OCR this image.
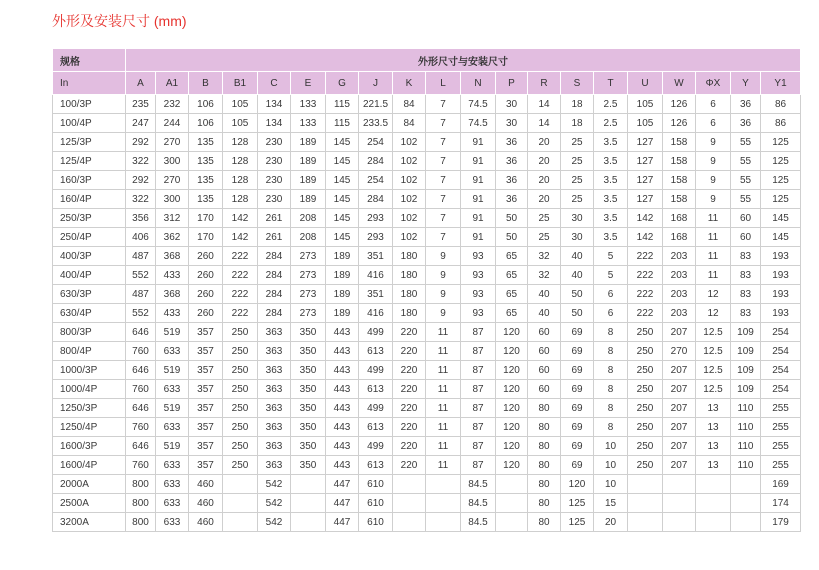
外形及安装尺寸 (mm)
规格	外形尺寸与安装尺寸																			
In	A	A1	B	B1	C	E	G	J	K	L	N	P	R	S	T	U	W	ΦX	Y	Y1
100/3P	235	232	106	105	134	133	115	221.5	84	7	74.5	30	14	18	2.5	105	126	6	36	86
100/4P	247	244	106	105	134	133	115	233.5	84	7	74.5	30	14	18	2.5	105	126	6	36	86
125/3P	292	270	135	128	230	189	145	254	102	7	91	36	20	25	3.5	127	158	9	55	125
125/4P	322	300	135	128	230	189	145	284	102	7	91	36	20	25	3.5	127	158	9	55	125
160/3P	292	270	135	128	230	189	145	254	102	7	91	36	20	25	3.5	127	158	9	55	125
160/4P	322	300	135	128	230	189	145	284	102	7	91	36	20	25	3.5	127	158	9	55	125
250/3P	356	312	170	142	261	208	145	293	102	7	91	50	25	30	3.5	142	168	11	60	145
250/4P	406	362	170	142	261	208	145	293	102	7	91	50	25	30	3.5	142	168	11	60	145
400/3P	487	368	260	222	284	273	189	351	180	9	93	65	32	40	5	222	203	11	83	193
400/4P	552	433	260	222	284	273	189	416	180	9	93	65	32	40	5	222	203	11	83	193
630/3P	487	368	260	222	284	273	189	351	180	9	93	65	40	50	6	222	203	12	83	193
630/4P	552	433	260	222	284	273	189	416	180	9	93	65	40	50	6	222	203	12	83	193
800/3P	646	519	357	250	363	350	443	499	220	11	87	120	60	69	8	250	207	12.5	109	254
800/4P	760	633	357	250	363	350	443	613	220	11	87	120	60	69	8	250	270	12.5	109	254
1000/3P	646	519	357	250	363	350	443	499	220	11	87	120	60	69	8	250	207	12.5	109	254
1000/4P	760	633	357	250	363	350	443	613	220	11	87	120	60	69	8	250	207	12.5	109	254
1250/3P	646	519	357	250	363	350	443	499	220	11	87	120	80	69	8	250	207	13	110	255
1250/4P	760	633	357	250	363	350	443	613	220	11	87	120	80	69	8	250	207	13	110	255
1600/3P	646	519	357	250	363	350	443	499	220	11	87	120	80	69	10	250	207	13	110	255
1600/4P	760	633	357	250	363	350	443	613	220	11	87	120	80	69	10	250	207	13	110	255
2000A	800	633	460		542		447	610			84.5		80	120	10					169
2500A	800	633	460		542		447	610			84.5		80	125	15					174
3200A	800	633	460		542		447	610			84.5		80	125	20					179
